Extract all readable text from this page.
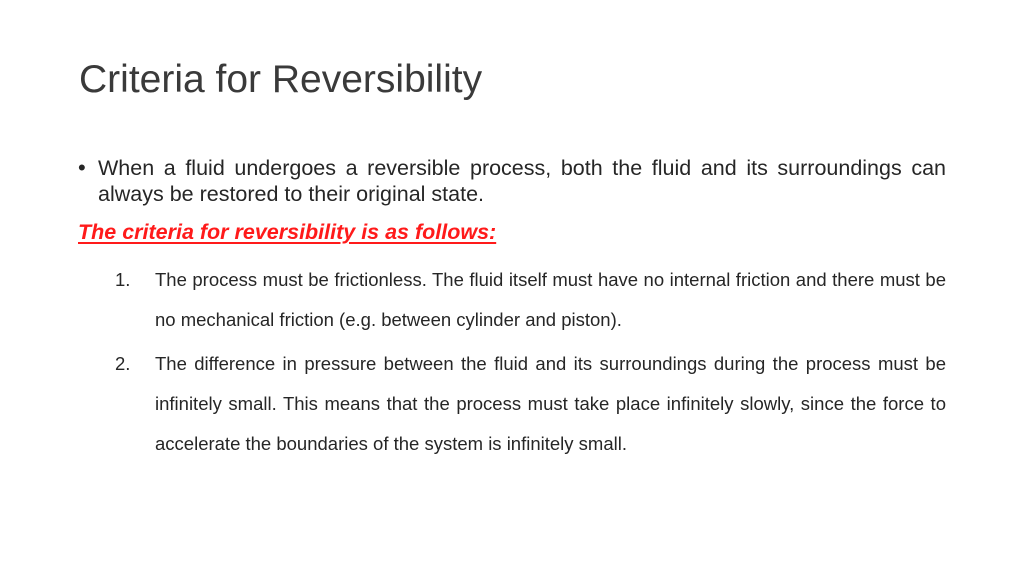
Criteria for Reversibility
• When a fluid undergoes a reversible process, both the fluid and its surroundings can always be restored to their original state.
The criteria for reversibility is as follows:
1.	The process must be frictionless. The fluid itself must have no internal friction and there must be no mechanical friction (e.g. between cylinder and piston).
2.	The difference in pressure between the fluid and its surroundings during the process must be infinitely small. This means that the process must take place infinitely slowly, since the force to accelerate the boundaries of the system is infinitely small.
